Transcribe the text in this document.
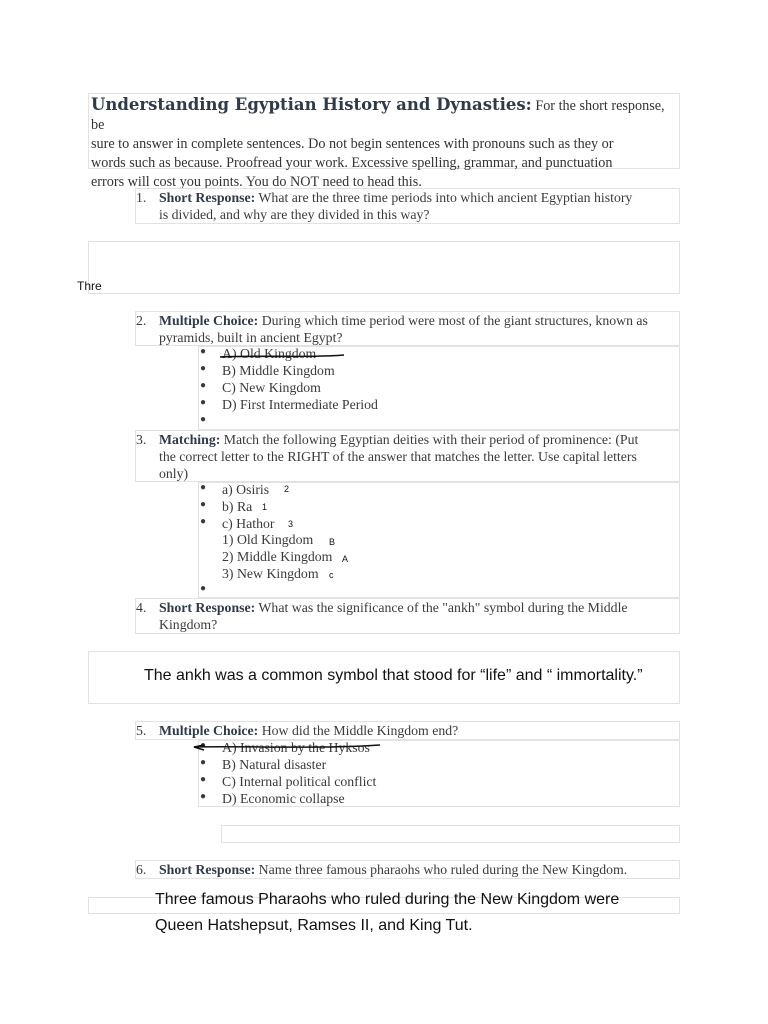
Understanding Egyptian History and Dynasties: For the short response, be
sure to answer in complete sentences. Do not begin sentences with pronouns such as they or
words such as because. Proofread your work. Excessive spelling, grammar, and punctuation
errors will cost you points. You do NOT need to head this.
1. Short Response: What are the three time periods into which ancient Egyptian history
is divided, and why are they divided in this way?
Thre
2. Multiple Choice: During which time period were most of the giant structures, known as
pyramids, built in ancient Egypt?
● A) Old Kingdom
● B) Middle Kingdom
● C) New Kingdom
● D) First Intermediate Period
●
3. Matching: Match the following Egyptian deities with their period of prominence: (Put
the correct letter to the RIGHT of the answer that matches the letter. Use capital letters
only)
● a) Osiris
● b) Ra
● c) Hathor
1) Old Kingdom
2) Middle Kingdom
3) New Kingdom
●
2
1
3
B
A
c
4. Short Response: What was the significance of the "ankh" symbol during the Middle
Kingdom?
The ankh was a common symbol that stood for “life” and “ immortality.”
5. Multiple Choice: How did the Middle Kingdom end?
● A) Invasion by the Hyksos
● B) Natural disaster
● C) Internal political conflict
● D) Economic collapse
6. Short Response: Name three famous pharaohs who ruled during the New Kingdom.
Three famous Pharaohs who ruled during the New Kingdom were
Queen Hatshepsut, Ramses II, and King Tut.
